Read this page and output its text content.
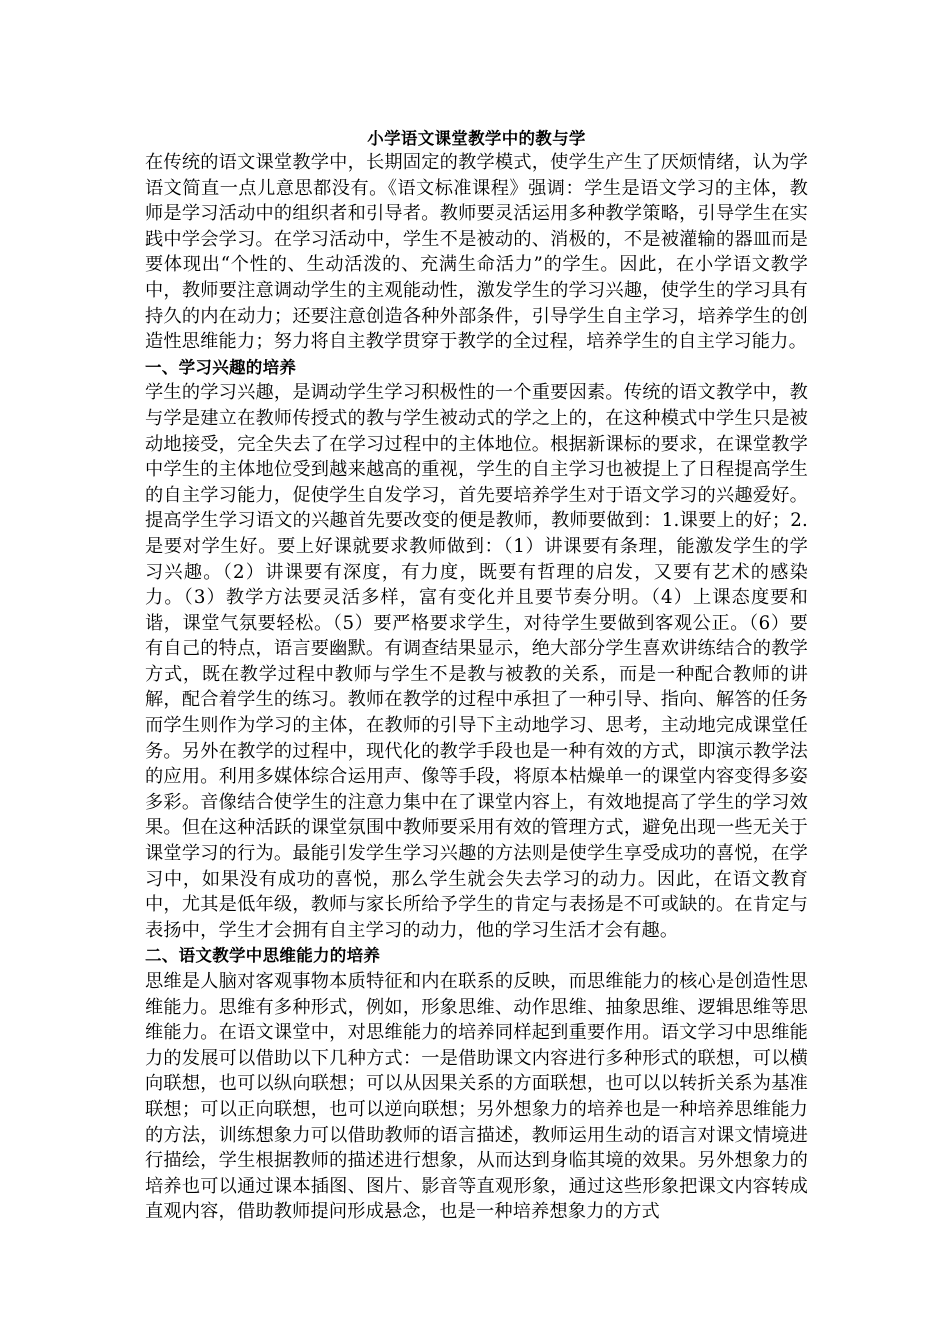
小学语文课堂教学中的教与学

在传统的语文课堂教学中，长期固定的教学模式，使学生产生了厌烦情绪，认为学语文简直一点儿意思都没有。《语文标准课程》强调：学生是语文学习的主体，教师是学习活动中的组织者和引导者。教师要灵活运用多种教学策略，引导学生在实践中学会学习。在学习活动中，学生不是被动的、消极的，不是被灌输的器皿而是要体现出“个性的、生动活泼的、充满生命活力”的学生。因此，在小学语文教学中，教师要注意调动学生的主观能动性，激发学生的学习兴趣，使学生的学习具有持久的内在动力；还要注意创造各种外部条件，引导学生自主学习，培养学生的创造性思维能力；努力将自主教学贯穿于教学的全过程，培养学生的自主学习能力。

一、学习兴趣的培养

学生的学习兴趣，是调动学生学习积极性的一个重要因素。传统的语文教学中，教与学是建立在教师传授式的教与学生被动式的学之上的，在这种模式中学生只是被动地接受，完全失去了在学习过程中的主体地位。根据新课标的要求，在课堂教学中学生的主体地位受到越来越高的重视，学生的自主学习也被提上了日程提高学生的自主学习能力，促使学生自发学习，首先要培养学生对于语文学习的兴趣爱好。提高学生学习语文的兴趣首先要改变的便是教师，教师要做到：1.课要上的好；2.是要对学生好。要上好课就要求教师做到：（1）讲课要有条理，能激发学生的学习兴趣。（2）讲课要有深度，有力度，既要有哲理的启发，又要有艺术的感染力。（3）教学方法要灵活多样，富有变化并且要节奏分明。（4）上课态度要和谐，课堂气氛要轻松。（5）要严格要求学生，对待学生要做到客观公正。（6）要有自己的特点，语言要幽默。有调查结果显示，绝大部分学生喜欢讲练结合的教学方式，既在教学过程中教师与学生不是教与被教的关系，而是一种配合教师的讲解，配合着学生的练习。教师在教学的过程中承担了一种引导、指向、解答的任务而学生则作为学习的主体，在教师的引导下主动地学习、思考，主动地完成课堂任务。另外在教学的过程中，现代化的教学手段也是一种有效的方式，即演示教学法的应用。利用多媒体综合运用声、像等手段，将原本枯燥单一的课堂内容变得多姿多彩。音像结合使学生的注意力集中在了课堂内容上，有效地提高了学生的学习效果。但在这种活跃的课堂氛围中教师要采用有效的管理方式，避免出现一些无关于课堂学习的行为。最能引发学生学习兴趣的方法则是使学生享受成功的喜悦，在学习中，如果没有成功的喜悦，那么学生就会失去学习的动力。因此，在语文教育中，尤其是低年级，教师与家长所给予学生的肯定与表扬是不可或缺的。在肯定与表扬中，学生才会拥有自主学习的动力，他的学习生活才会有趣。

二、语文教学中思维能力的培养

思维是人脑对客观事物本质特征和内在联系的反映，而思维能力的核心是创造性思维能力。思维有多种形式，例如，形象思维、动作思维、抽象思维、逻辑思维等思维能力。在语文课堂中，对思维能力的培养同样起到重要作用。语文学习中思维能力的发展可以借助以下几种方式：一是借助课文内容进行多种形式的联想，可以横向联想，也可以纵向联想；可以从因果关系的方面联想，也可以以转折关系为基准联想；可以正向联想，也可以逆向联想；另外想象力的培养也是一种培养思维能力的方法，训练想象力可以借助教师的语言描述，教师运用生动的语言对课文情境进行描绘，学生根据教师的描述进行想象，从而达到身临其境的效果。另外想象力的培养也可以通过课本插图、图片、影音等直观形象，通过这些形象把课文内容转成直观内容，借助教师提问形成悬念，也是一种培养想象力的方式
